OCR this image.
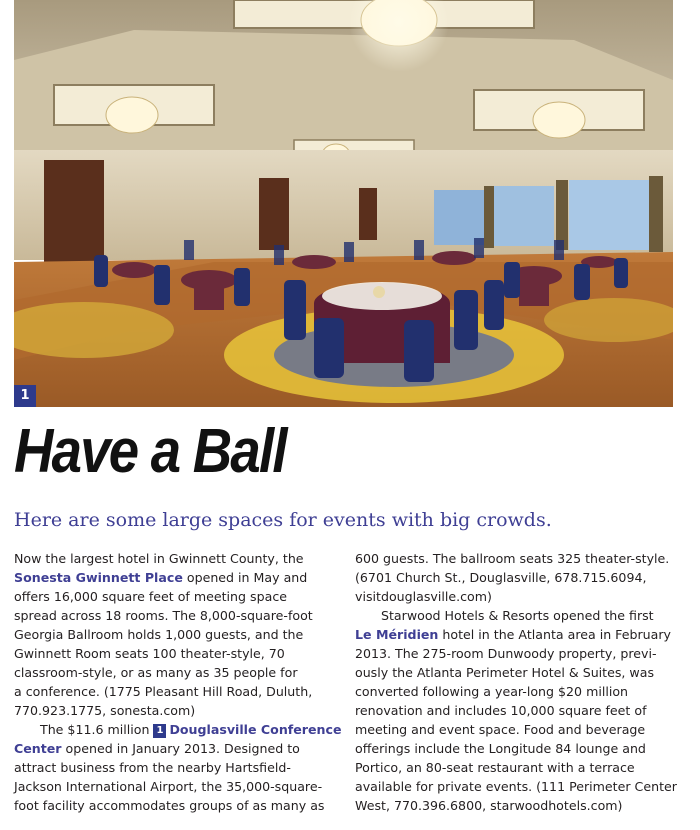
1
Have a Ball

Here are some large spaces for events with big crowds.

Now the largest hotel in Gwinnett County, the
Sonesta Gwinnett Place opened in May and
offers 16,000 square feet of meeting space
spread across 18 rooms. The 8,000-square-foot
Georgia Ballroom holds 1,000 guests, and the
Gwinnett Room seats 100 theater-style, 70
classroom-style, or as many as 35 people for
a conference. (1775 Pleasant Hill Road, Duluth,
770.923.1775, sonesta.com)

The $11.6 million 1 Douglasville Conference
Center opened in January 2013. Designed to
attract business from the nearby Hartsfield-
Jackson International Airport, the 35,000-square-
foot facility accommodates groups of as many as

600 guests. The ballroom seats 325 theater-style.
(6701 Church St., Douglasville, 678.715.6094,
visitdouglasville.com)

Starwood Hotels & Resorts opened the first
Le Méridien hotel in the Atlanta area in February
2013. The 275-room Dunwoody property, previ-
ously the Atlanta Perimeter Hotel & Suites, was
converted following a year-long $20 million
renovation and includes 10,000 square feet of
meeting and event space. Food and beverage
offerings include the Longitude 84 lounge and
Portico, an 80-seat restaurant with a terrace
available for private events. (111 Perimeter Center
West, 770.396.6800, starwoodhotels.com)
